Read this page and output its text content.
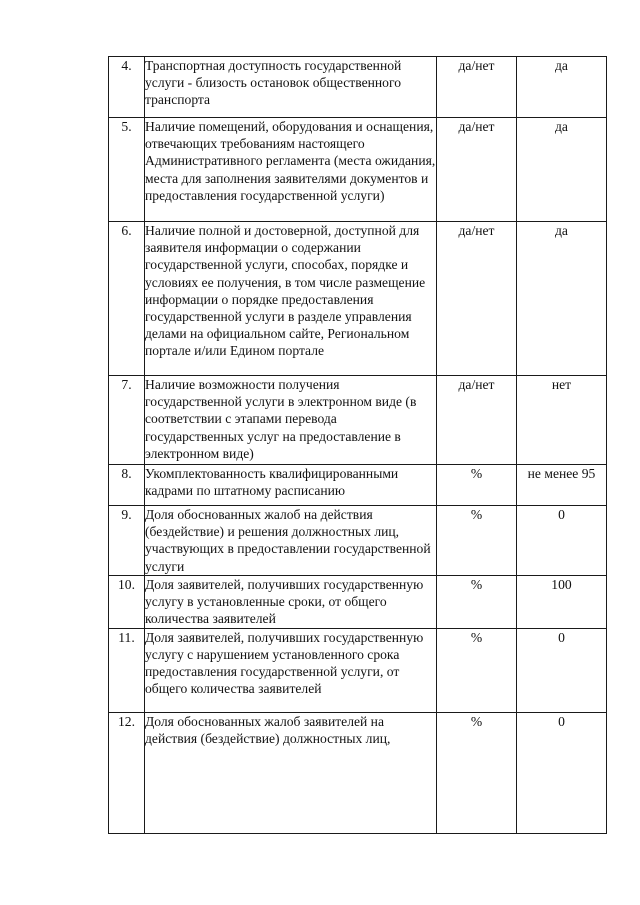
4.	Транспортная доступность государственной услуги - близость остановок общественного транспорта	да/нет	да
5.	Наличие помещений, оборудования и оснащения, отвечающих требованиям настоящего Административного регламента (места ожидания, места для заполнения заявителями документов и предоставления государственной услуги)	да/нет	да
6.	Наличие полной и достоверной, доступной для заявителя информации о содержании государственной услуги, способах, порядке и условиях ее получения, в том числе размещение информации о порядке предоставления государственной услуги в разделе управления делами на официальном сайте, Региональном портале и/или Едином портале	да/нет	да
7.	Наличие возможности получения государственной услуги в электронном виде (в соответствии с этапами перевода государственных услуг на предоставление в электронном виде)	да/нет	нет
8.	Укомплектованность квалифицированными кадрами по штатному расписанию	%	не менее 95
9.	Доля обоснованных жалоб на действия (бездействие) и решения должностных лиц, участвующих в предоставлении государственной услуги	%	0
10.	Доля заявителей, получивших государственную услугу в установленные сроки, от общего количества заявителей	%	100
11.	Доля заявителей, получивших государственную услугу с нарушением установленного срока предоставления государственной услуги, от общего количества заявителей	%	0
12.	Доля обоснованных жалоб заявителей на действия (бездействие) должностных лиц,	%	0
